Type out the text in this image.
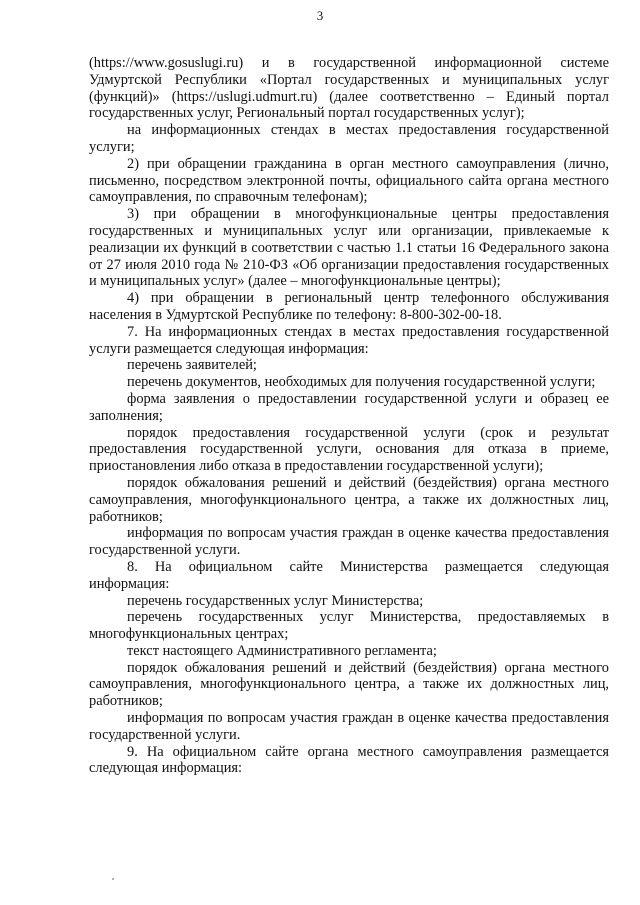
3

(https://www.gosuslugi.ru) и в государственной информационной системе Удмуртской Республики «Портал государственных и муниципальных услуг (функций)» (https://uslugi.udmurt.ru) (далее соответственно – Единый портал государственных услуг, Региональный портал государственных услуг);

на информационных стендах в местах предоставления государственной услуги;

2) при обращении гражданина в орган местного самоуправления (лично, письменно, посредством электронной почты, официального сайта органа местного самоуправления, по справочным телефонам);

3) при обращении в многофункциональные центры предоставления государственных и муниципальных услуг или организации, привлекаемые к реализации их функций в соответствии с частью 1.1 статьи 16 Федерального закона от 27 июля 2010 года № 210-ФЗ «Об организации предоставления государственных и муниципальных услуг» (далее – многофункциональные центры);

4) при обращении в региональный центр телефонного обслуживания населения в Удмуртской Республике по телефону: 8-800-302-00-18.

7. На информационных стендах в местах предоставления государственной услуги размещается следующая информация:

перечень заявителей;

перечень документов, необходимых для получения государственной услуги;

форма заявления о предоставлении государственной услуги и образец ее заполнения;

порядок предоставления государственной услуги (срок и результат предоставления государственной услуги, основания для отказа в приеме, приостановления либо отказа в предоставлении государственной услуги);

порядок обжалования решений и действий (бездействия) органа местного самоуправления, многофункционального центра, а также их должностных лиц, работников;

информация по вопросам участия граждан в оценке качества предоставления государственной услуги.

8. На официальном сайте Министерства размещается следующая информация:

перечень государственных услуг Министерства;

перечень государственных услуг Министерства, предоставляемых в многофункциональных центрах;

текст настоящего Административного регламента;

порядок обжалования решений и действий (бездействия) органа местного самоуправления, многофункционального центра, а также их должностных лиц, работников;

информация по вопросам участия граждан в оценке качества предоставления государственной услуги.

9. На официальном сайте органа местного самоуправления размещается следующая информация:
